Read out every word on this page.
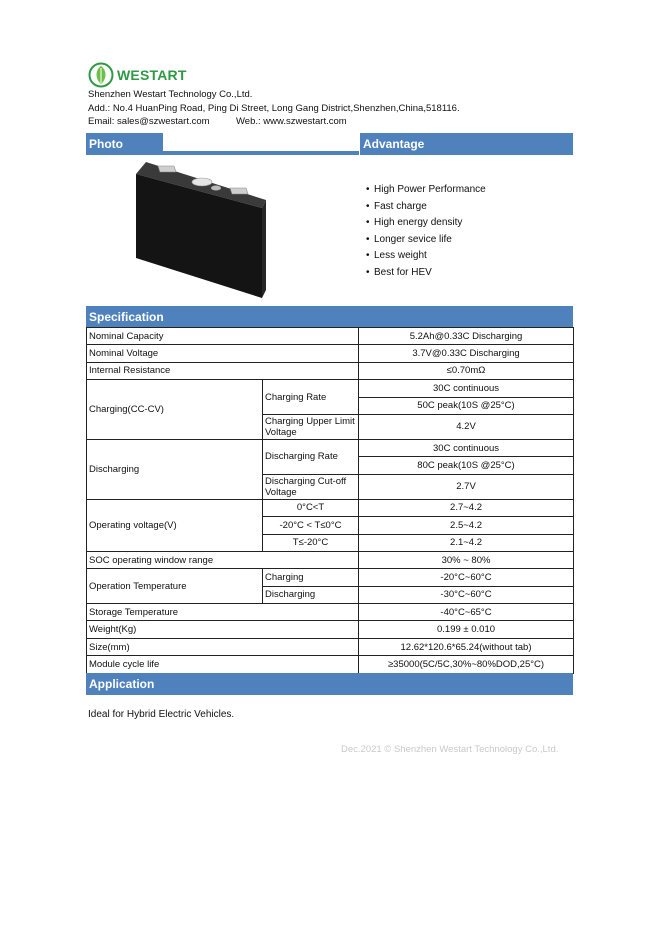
WESTART
Shenzhen Westart Technology Co.,Ltd.
Add.: No.4 HuanPing Road, Ping Di Street, Long Gang District,Shenzhen,China,518116.
Email: sales@szwestart.com	Web.: www.szwestart.com
Photo	Advantage
• High Power Performance
• Fast charge
• High energy density
• Longer sevice life
• Less weight
• Best for HEV
Specification
Nominal Capacity		5.2Ah@0.33C Discharging
Nominal Voltage		3.7V@0.33C Discharging
Internal Resistance		≤0.70mΩ
Charging(CC-CV)	Charging Rate	30C continuous
		50C peak(10S @25°C)
	Charging Upper Limit Voltage	4.2V
Discharging	Discharging Rate	30C continuous
		80C peak(10S @25°C)
	Discharging Cut-off Voltage	2.7V
Operating voltage(V)	0°C<T	2.7~4.2
	-20°C < T≤0°C	2.5~4.2
	T≤-20°C	2.1~4.2
SOC operating window range		30% ~ 80%
Operation Temperature	Charging	-20°C~60°C
	Discharging	-30°C~60°C
Storage Temperature		-40°C~65°C
Weight(Kg)		0.199 ± 0.010
Size(mm)		12.62*120.6*65.24(without tab)
Module cycle life		≥35000(5C/5C,30%~80%DOD,25°C)
Application
Ideal for Hybrid Electric Vehicles.
Dec.2021 © Shenzhen Westart Technology Co.,Ltd.
